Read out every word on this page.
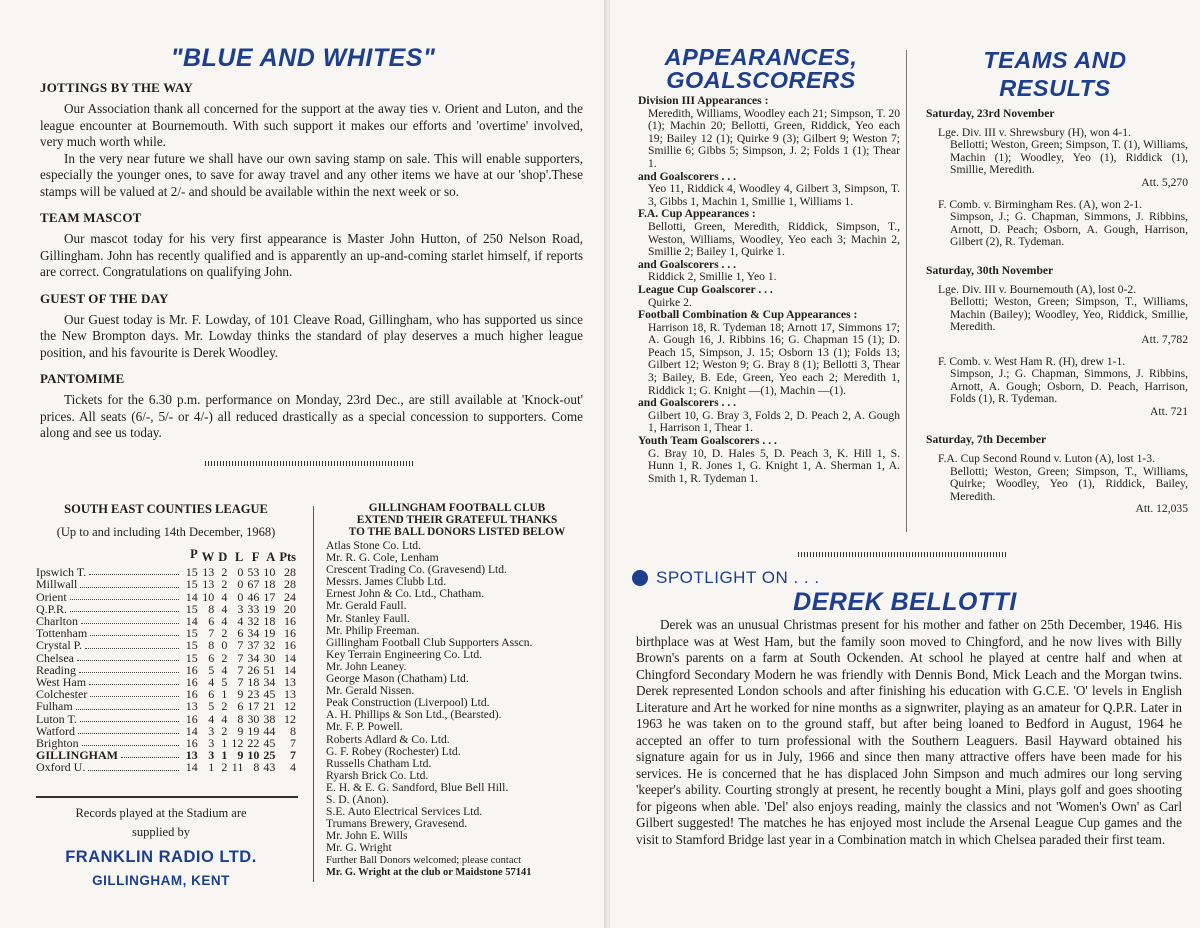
"BLUE AND WHITES"

JOTTINGS BY THE WAY

Our Association thank all concerned for the support at the away ties v. Orient and Luton, and the league encounter at Bournemouth. With such support it makes our efforts and 'overtime' involved, very much worth while.

In the very near future we shall have our own saving stamp on sale. This will enable supporters, especially the younger ones, to save for away travel and any other items we have at our 'shop'.These stamps will be valued at 2/- and should be available within the next week or so.

TEAM MASCOT

Our mascot today for his very first appearance is Master John Hutton, of 250 Nelson Road, Gillingham. John has recently qualified and is apparently an up-and-coming starlet himself, if reports are correct. Congratulations on qualifying John.

GUEST OF THE DAY

Our Guest today is Mr. F. Lowday, of 101 Cleave Road, Gillingham, who has supported us since the New Brompton days. Mr. Lowday thinks the standard of play deserves a much higher league position, and his favourite is Derek Woodley.

PANTOMIME

Tickets for the 6.30 p.m. performance on Monday, 23rd Dec., are still available at 'Knock-out' prices. All seats (6/-, 5/- or 4/-) all reduced drastically as a special concession to supporters. Come along and see us today.

SOUTH EAST COUNTIES LEAGUE
(Up to and including 14th December, 1968)
	P	W	D	L	F	A	Pts

Ipswich T.	15	13	2	0	53	10	28

Millwall	15	13	2	0	67	18	28

Orient	14	10	4	0	46	17	24

Q.P.R.	15	8	4	3	33	19	20

Charlton	14	6	4	4	32	18	16

Tottenham	15	7	2	6	34	19	16

Crystal P.	15	8	0	7	37	32	16

Chelsea	15	6	2	7	34	30	14

Reading	16	5	4	7	26	51	14

West Ham	16	4	5	7	18	34	13

Colchester	16	6	1	9	23	45	13

Fulham	13	5	2	6	17	21	12

Luton T.	16	4	4	8	30	38	12

Watford	14	3	2	9	19	44	8

Brighton	16	3	1	12	22	45	7

GILLINGHAM	13	3	1	9	10	25	7

Oxford U.	14	1	2	11	8	43	4
Records played at the Stadium are
supplied by
FRANKLIN RADIO LTD.
GILLINGHAM, KENT
GILLINGHAM FOOTBALL CLUB
EXTEND THEIR GRATEFUL THANKS
TO THE BALL DONORS LISTED BELOW
Atlas Stone Co. Ltd.
Mr. R. G. Cole, Lenham
Crescent Trading Co. (Gravesend) Ltd.
Messrs. James Clubb Ltd.
Ernest John & Co. Ltd., Chatham.
Mr. Gerald Faull.
Mr. Stanley Faull.
Mr. Philip Freeman.
Gillingham Football Club Supporters Asscn.
Key Terrain Engineering Co. Ltd.
Mr. John Leaney.
George Mason (Chatham) Ltd.
Mr. Gerald Nissen.
Peak Construction (Liverpool) Ltd.
A. H. Phillips & Son Ltd., (Bearsted).
Mr. F. P. Powell.
Roberts Adlard & Co. Ltd.
G. F. Robey (Rochester) Ltd.
Russells Chatham Ltd.
Ryarsh Brick Co. Ltd.
E. H. & E. G. Sandford, Blue Bell Hill.
S. D. (Anon).
S.E. Auto Electrical Services Ltd.
Trumans Brewery, Gravesend.
Mr. John E. Wills
Mr. G. Wright
Further Ball Donors welcomed; please contact
Mr. G. Wright at the club or Maidstone 57141
APPEARANCES,
GOALSCORERS
Division III Appearances :
Meredith, Williams, Woodley each 21; Simpson, T. 20 (1); Machin 20; Bellotti, Green, Riddick, Yeo each 19; Bailey 12 (1); Quirke 9 (3); Gilbert 9; Weston 7; Smillie 6; Gibbs 5; Simpson, J. 2; Folds 1 (1); Thear 1.
and Goalscorers . . .
Yeo 11, Riddick 4, Woodley 4, Gilbert 3, Simpson, T. 3, Gibbs 1, Machin 1, Smillie 1, Williams 1.
F.A. Cup Appearances :
Bellotti, Green, Meredith, Riddick, Simpson, T., Weston, Williams, Woodley, Yeo each 3; Machin 2, Smillie 2; Bailey 1, Quirke 1.
and Goalscorers . . .
Riddick 2, Smillie 1, Yeo 1.
League Cup Goalscorer . . .
Quirke 2.
Football Combination & Cup Appearances :
Harrison 18, R. Tydeman 18; Arnott 17, Simmons 17; A. Gough 16, J. Ribbins 16; G. Chapman 15 (1); D. Peach 15, Simpson, J. 15; Osborn 13 (1); Folds 13; Gilbert 12; Weston 9; G. Bray 8 (1); Bellotti 3, Thear 3; Bailey, B. Ede, Green, Yeo each 2; Meredith 1, Riddick 1; G. Knight —(1), Machin —(1).
and Goalscorers . . .
Gilbert 10, G. Bray 3, Folds 2, D. Peach 2, A. Gough 1, Harrison 1, Thear 1.
Youth Team Goalscorers . . .
G. Bray 10, D. Hales 5, D. Peach 3, K. Hill 1, S. Hunn 1, R. Jones 1, G. Knight 1, A. Sherman 1, A. Smith 1, R. Tydeman 1.
TEAMS AND
RESULTS
Saturday, 23rd November
Lge. Div. III v. Shrewsbury (H), won 4-1.
Bellotti; Weston, Green; Simpson, T. (1), Williams, Machin (1); Woodley, Yeo (1), Riddick (1), Smillie, Meredith.
Att. 5,270
F. Comb. v. Birmingham Res. (A), won 2-1.
Simpson, J.; G. Chapman, Simmons, J. Ribbins, Arnott, D. Peach; Osborn, A. Gough, Harrison, Gilbert (2), R. Tydeman.
Saturday, 30th November
Lge. Div. III v. Bournemouth (A), lost 0-2.
Bellotti; Weston, Green; Simpson, T., Williams, Machin (Bailey); Woodley, Yeo, Riddick, Smillie, Meredith.
Att. 7,782
F. Comb. v. West Ham R. (H), drew 1-1.
Simpson, J.; G. Chapman, Simmons, J. Ribbins, Arnott, A. Gough; Osborn, D. Peach, Harrison, Folds (1), R. Tydeman.
Att. 721
Saturday, 7th December
F.A. Cup Second Round v. Luton (A), lost 1-3.
Bellotti; Weston, Green; Simpson, T., Williams, Quirke; Woodley, Yeo (1), Riddick, Bailey, Meredith.
Att. 12,035
SPOTLIGHT ON . . .
DEREK BELLOTTI

Derek was an unusual Christmas present for his mother and father on 25th December, 1946. His birthplace was at West Ham, but the family soon moved to Chingford, and he now lives with Billy Brown's parents on a farm at South Ockenden. At school he played at centre half and when at Chingford Secondary Modern he was friendly with Dennis Bond, Mick Leach and the Morgan twins. Derek represented London schools and after finishing his education with G.C.E. 'O' levels in English Literature and Art he worked for nine months as a signwriter, playing as an amateur for Q.P.R. Later in 1963 he was taken on to the ground staff, but after being loaned to Bedford in August, 1964 he accepted an offer to turn professional with the Southern Leaguers. Basil Hayward obtained his signature again for us in July, 1966 and since then many attractive offers have been made for his services. He is concerned that he has displaced John Simpson and much admires our long serving 'keeper's ability. Courting strongly at present, he recently bought a Mini, plays golf and goes shooting for pigeons when able. 'Del' also enjoys reading, mainly the classics and not 'Women's Own' as Carl Gilbert suggested! The matches he has enjoyed most include the Arsenal League Cup games and the visit to Stamford Bridge last year in a Combination match in which Chelsea paraded their first team.
